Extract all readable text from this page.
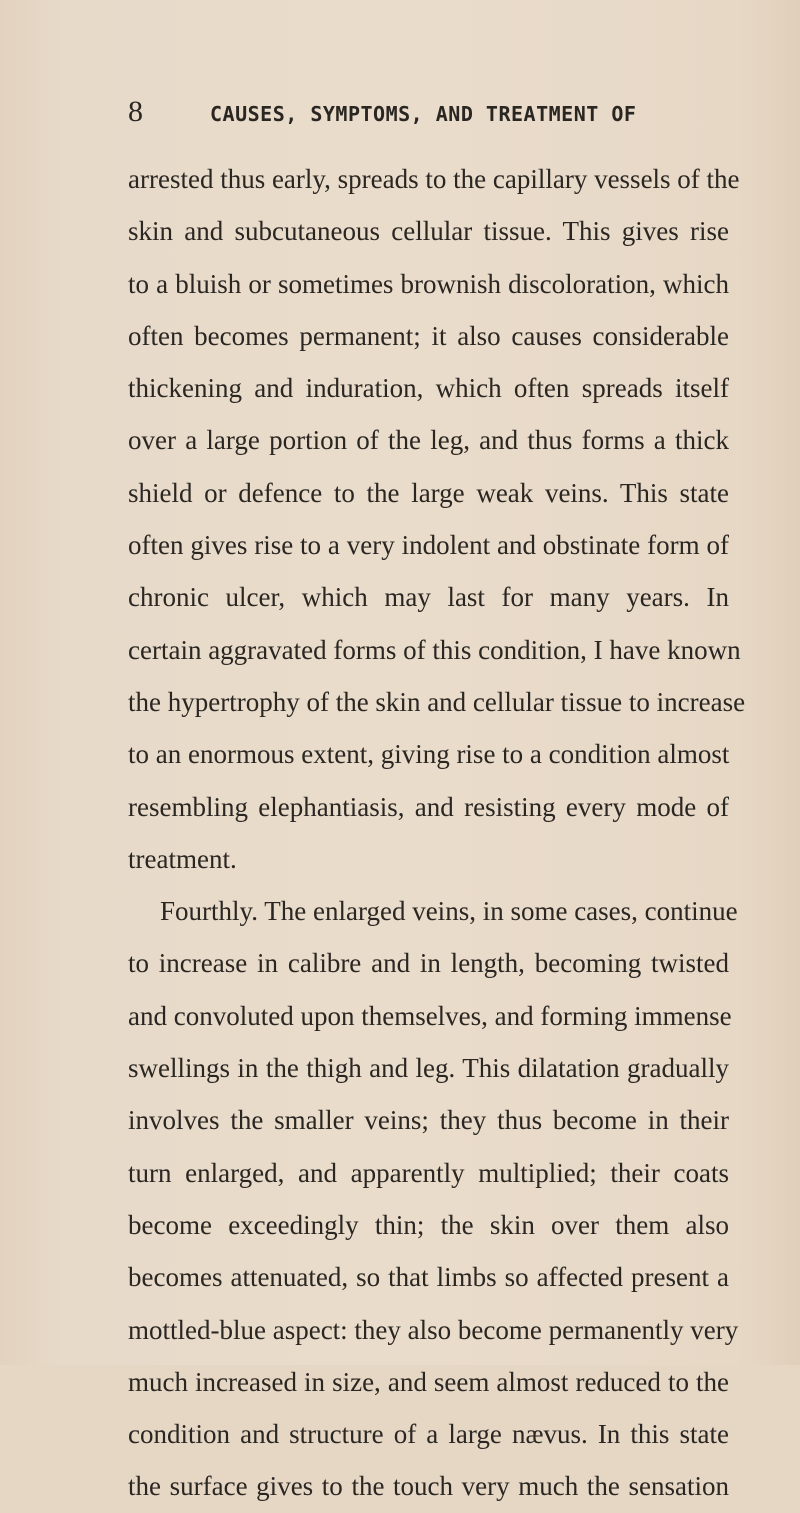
8	CAUSES, SYMPTOMS, AND TREATMENT OF
arrested thus early, spreads to the capillary vessels of the
skin and subcutaneous cellular tissue. This gives rise
to a bluish or sometimes brownish discoloration, which
often becomes permanent; it also causes considerable
thickening and induration, which often spreads itself
over a large portion of the leg, and thus forms a thick
shield or defence to the large weak veins. This state
often gives rise to a very indolent and obstinate form of
chronic ulcer, which may last for many years. In
certain aggravated forms of this condition, I have known
the hypertrophy of the skin and cellular tissue to increase
to an enormous extent, giving rise to a condition almost
resembling elephantiasis, and resisting every mode of
treatment.
Fourthly. The enlarged veins, in some cases, continue
to increase in calibre and in length, becoming twisted
and convoluted upon themselves, and forming immense
swellings in the thigh and leg. This dilatation gradually
involves the smaller veins; they thus become in their
turn enlarged, and apparently multiplied; their coats
become exceedingly thin; the skin over them also
becomes attenuated, so that limbs so affected present a
mottled-blue aspect: they also become permanently very
much increased in size, and seem almost reduced to the
condition and structure of a large nævus. In this state
the surface gives to the touch very much the sensation
